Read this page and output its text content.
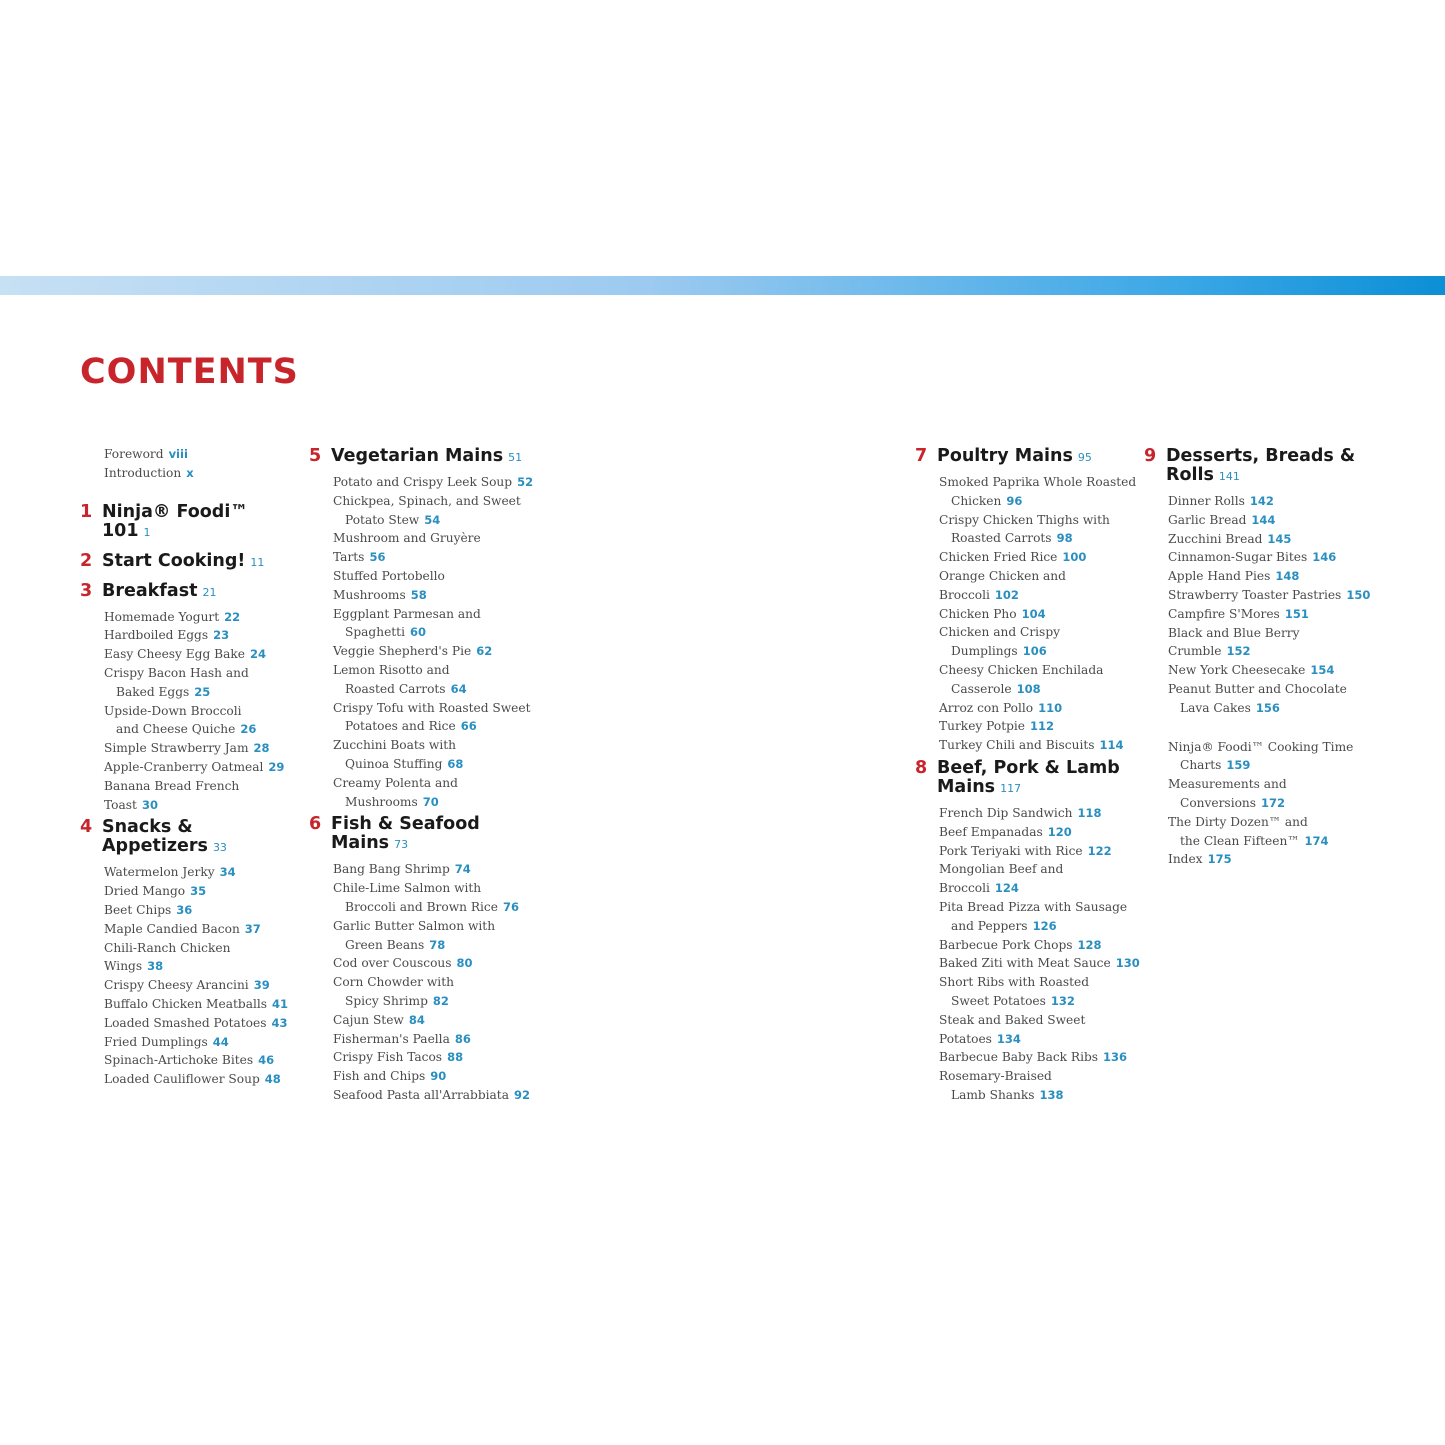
CONTENTS
Foreword viii
Introduction x
1 Ninja® Foodi™ 101 1
2 Start Cooking! 11
3 Breakfast 21
Homemade Yogurt 22
Hardboiled Eggs 23
Easy Cheesy Egg Bake 24
Crispy Bacon Hash and
Baked Eggs 25
Upside-Down Broccoli
and Cheese Quiche 26
Simple Strawberry Jam 28
Apple-Cranberry Oatmeal 29
Banana Bread French Toast 30
4 Snacks & Appetizers 33
Watermelon Jerky 34
Dried Mango 35
Beet Chips 36
Maple Candied Bacon 37
Chili-Ranch Chicken Wings 38
Crispy Cheesy Arancini 39
Buffalo Chicken Meatballs 41
Loaded Smashed Potatoes 43
Fried Dumplings 44
Spinach-Artichoke Bites 46
Loaded Cauliflower Soup 48
5 Vegetarian Mains 51
Potato and Crispy Leek Soup 52
Chickpea, Spinach, and Sweet
Potato Stew 54
Mushroom and Gruyère Tarts 56
Stuffed Portobello Mushrooms 58
Eggplant Parmesan and
Spaghetti 60
Veggie Shepherd's Pie 62
Lemon Risotto and
Roasted Carrots 64
Crispy Tofu with Roasted Sweet
Potatoes and Rice 66
Zucchini Boats with
Quinoa Stuffing 68
Creamy Polenta and
Mushrooms 70
6 Fish & Seafood Mains 73
Bang Bang Shrimp 74
Chile-Lime Salmon with
Broccoli and Brown Rice 76
Garlic Butter Salmon with
Green Beans 78
Cod over Couscous 80
Corn Chowder with
Spicy Shrimp 82
Cajun Stew 84
Fisherman's Paella 86
Crispy Fish Tacos 88
Fish and Chips 90
Seafood Pasta all'Arrabbiata 92
7 Poultry Mains 95
Smoked Paprika Whole Roasted
Chicken 96
Crispy Chicken Thighs with
Roasted Carrots 98
Chicken Fried Rice 100
Orange Chicken and Broccoli 102
Chicken Pho 104
Chicken and Crispy
Dumplings 106
Cheesy Chicken Enchilada
Casserole 108
Arroz con Pollo 110
Turkey Potpie 112
Turkey Chili and Biscuits 114
8 Beef, Pork & Lamb Mains 117
French Dip Sandwich 118
Beef Empanadas 120
Pork Teriyaki with Rice 122
Mongolian Beef and Broccoli 124
Pita Bread Pizza with Sausage
and Peppers 126
Barbecue Pork Chops 128
Baked Ziti with Meat Sauce 130
Short Ribs with Roasted
Sweet Potatoes 132
Steak and Baked Sweet Potatoes 134
Barbecue Baby Back Ribs 136
Rosemary-Braised
Lamb Shanks 138
9 Desserts, Breads & Rolls 141
Dinner Rolls 142
Garlic Bread 144
Zucchini Bread 145
Cinnamon-Sugar Bites 146
Apple Hand Pies 148
Strawberry Toaster Pastries 150
Campfire S'Mores 151
Black and Blue Berry Crumble 152
New York Cheesecake 154
Peanut Butter and Chocolate
Lava Cakes 156
Ninja® Foodi™ Cooking Time
Charts 159
Measurements and
Conversions 172
The Dirty Dozen™ and
the Clean Fifteen™ 174
Index 175
